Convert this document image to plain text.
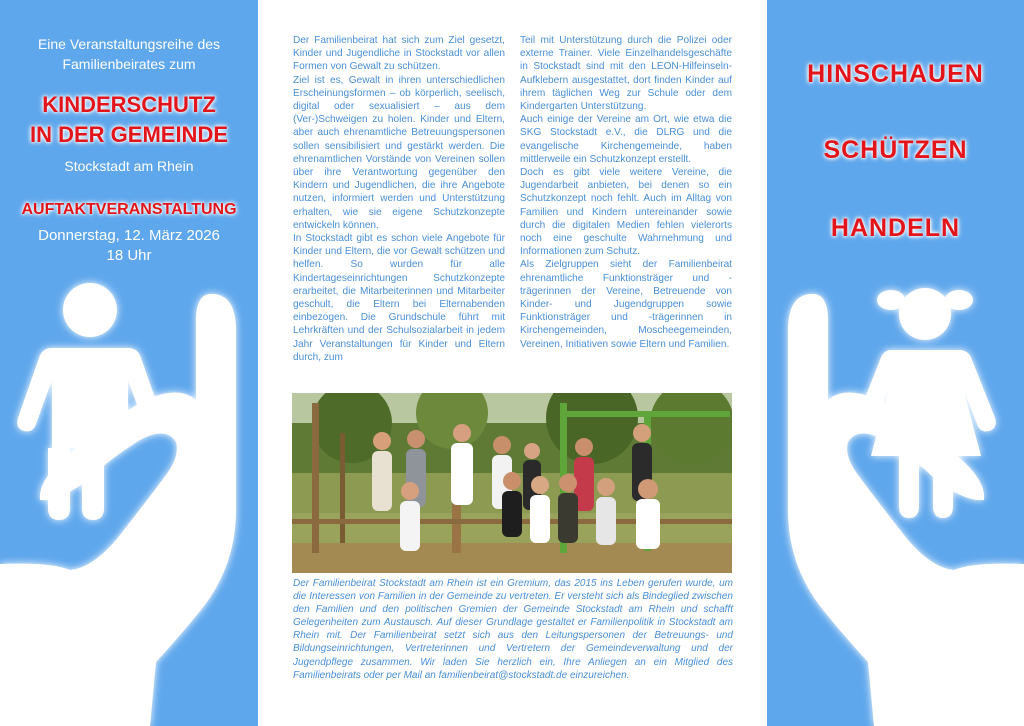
Eine Veranstaltungsreihe des
Familienbeirates zum
KINDERSCHUTZ
IN DER GEMEINDE
Stockstadt am Rhein
AUFTAKTVERANSTALTUNG
Donnerstag, 12. März 2026
18 Uhr

Der Familienbeirat hat sich zum Ziel gesetzt, Kinder und Jugendliche in Stockstadt vor allen Formen von Gewalt zu schützen.

Ziel ist es, Gewalt in ihren unterschiedlichen Erscheinungsformen – ob körperlich, seelisch, digital oder sexualisiert – aus dem (Ver-)Schweigen zu holen. Kinder und Eltern, aber auch ehrenamtliche Betreuungspersonen sollen sensibilisiert und gestärkt werden. Die ehrenamtlichen Vorstände von Vereinen sollen über ihre Verantwortung gegenüber den Kindern und Jugendlichen, die ihre Angebote nutzen, informiert werden und Unterstützung erhalten, wie sie eigene Schutzkonzepte entwickeln können.

In Stockstadt gibt es schon viele Angebote für Kinder und Eltern, die vor Gewalt schützen und helfen. So wurden für alle Kindertageseinrichtungen Schutzkonzepte erarbeitet, die Mitarbeiterinnen und Mitarbeiter geschult, die Eltern bei Elternabenden einbezogen. Die Grundschule führt mit Lehrkräften und der Schulsozialarbeit in jedem Jahr Veranstaltungen für Kinder und Eltern durch, zum

Teil mit Unterstützung durch die Polizei oder externe Trainer. Viele Einzelhandelsgeschäfte in Stockstadt sind mit den LEON-Hilfeinseln-Aufklebern ausgestattet, dort finden Kinder auf ihrem täglichen Weg zur Schule oder dem Kindergarten Unterstützung.

Auch einige der Vereine am Ort, wie etwa die SKG Stockstadt e.V., die DLRG und die evangelische Kirchengemeinde, haben mittlerweile ein Schutzkonzept erstellt.

Doch es gibt viele weitere Vereine, die Jugendarbeit anbieten, bei denen so ein Schutzkonzept noch fehlt. Auch im Alltag von Familien und Kindern untereinander sowie durch die digitalen Medien fehlen vielerorts noch eine geschulte Wahrnehmung und Informationen zum Schutz.

Als Zielgruppen sieht der Familienbeirat ehrenamtliche Funktionsträger und -trägerinnen der Vereine, Betreuende von Kinder- und Jugendgruppen sowie Funktionsträger und -trägerinnen in Kirchengemeinden, Moscheegemeinden, Vereinen, Initiativen sowie Eltern und Familien.

Der Familienbeirat Stockstadt am Rhein ist ein Gremium, das 2015 ins Leben gerufen wurde, um die Interessen von Familien in der Gemeinde zu vertreten. Er versteht sich als Bindeglied zwischen den Familien und den politischen Gremien der Gemeinde Stockstadt am Rhein und schafft Gelegenheiten zum Austausch. Auf dieser Grundlage gestaltet er Familienpolitik in Stockstadt am Rhein mit. Der Familienbeirat setzt sich aus den Leitungspersonen der Betreuungs- und Bildungseinrichtungen, Vertreterinnen und Vertretern der Gemeindeverwaltung und der Jugendpflege zusammen. Wir laden Sie herzlich ein, Ihre Anliegen an ein Mitglied des Familienbeirats oder per Mail an familienbeirat@stockstadt.de einzureichen.
HINSCHAUEN
SCHÜTZEN
HANDELN
